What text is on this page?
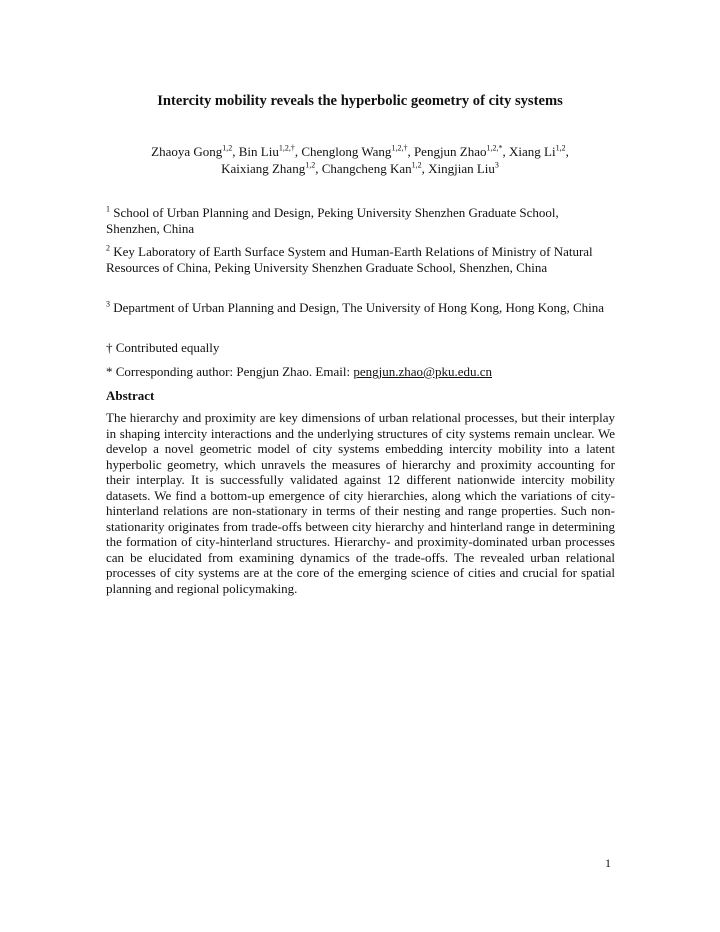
Intercity mobility reveals the hyperbolic geometry of city systems
Zhaoya Gong$^{1,2}$, Bin Liu$^{1,2,\dagger}$, Chenglong Wang$^{1,2,\dagger}$, Pengjun Zhao$^{1,2,*}$, Xiang Li$^{1,2}$,
Kaixiang Zhang$^{1,2}$, Changcheng Kan$^{1,2}$, Xingjian Liu$^3$
$^1$ School of Urban Planning and Design, Peking University Shenzhen Graduate School, Shenzhen, China
$^2$ Key Laboratory of Earth Surface System and Human-Earth Relations of Ministry of Natural Resources of China, Peking University Shenzhen Graduate School, Shenzhen, China
$^3$ Department of Urban Planning and Design, The University of Hong Kong, Hong Kong, China
† Contributed equally
* Corresponding author: Pengjun Zhao. Email: pengjun.zhao@pku.edu.cn
Abstract
The hierarchy and proximity are key dimensions of urban relational processes, but their interplay in shaping intercity interactions and the underlying structures of city systems remain unclear. We develop a novel geometric model of city systems embedding intercity mobility into a latent hyperbolic geometry, which unravels the measures of hierarchy and proximity accounting for their interplay. It is successfully validated against 12 different nationwide intercity mobility datasets. We find a bottom-up emergence of city hierarchies, along which the variations of city-hinterland relations are non-stationary in terms of their nesting and range properties. Such non-stationarity originates from trade-offs between city hierarchy and hinterland range in determining the formation of city-hinterland structures. Hierarchy- and proximity-dominated urban processes can be elucidated from examining dynamics of the trade-offs. The revealed urban relational processes of city systems are at the core of the emerging science of cities and crucial for spatial planning and regional policymaking.
1
